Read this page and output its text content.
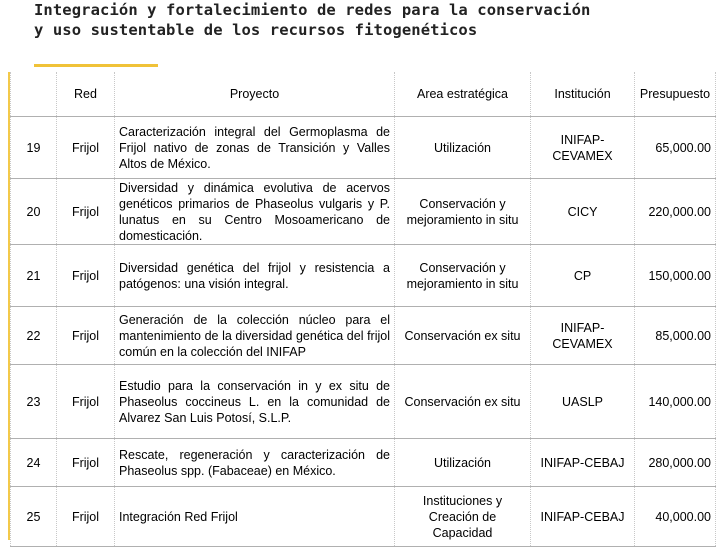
Integración y fortalecimiento de redes para la conservación y uso sustentable de los recursos fitogenéticos
	Red	Proyecto	Area estratégica	Institución	Presupuesto
19	Frijol	Caracterización integral del Germoplasma de Frijol nativo de zonas de Transición y Valles Altos de México.	Utilización	INIFAP-CEVAMEX	65,000.00
20	Frijol	Diversidad y dinámica evolutiva de acervos genéticos primarios de Phaseolus vulgaris y P. lunatus en su Centro Mosoamericano de domesticación.	Conservación y mejoramiento in situ	CICY	220,000.00
21	Frijol	Diversidad genética del frijol y resistencia a patógenos: una visión integral.	Conservación y mejoramiento in situ	CP	150,000.00
22	Frijol	Generación de la colección núcleo para el mantenimiento de la diversidad genética del frijol común en la colección del INIFAP	Conservación ex situ	INIFAP-CEVAMEX	85,000.00
23	Frijol	Estudio para la conservación in y ex situ de Phaseolus coccineus L. en la comunidad de Alvarez San Luis Potosí, S.L.P.	Conservación ex situ	UASLP	140,000.00
24	Frijol	Rescate, regeneración y caracterización de Phaseolus spp. (Fabaceae) en México.	Utilización	INIFAP-CEBAJ	280,000.00
25	Frijol	Integración Red Frijol	Instituciones y Creación de Capacidad	INIFAP-CEBAJ	40,000.00
